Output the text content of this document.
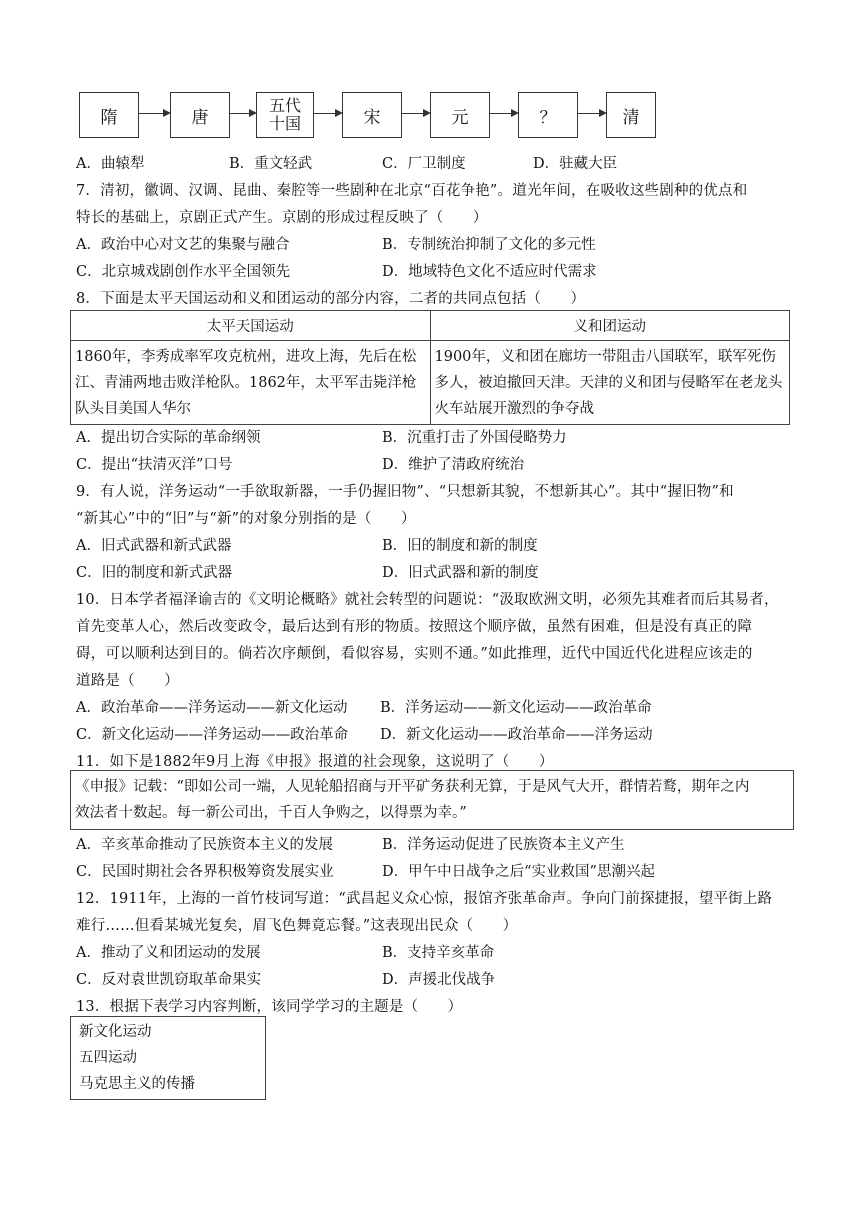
隋	唐
五代
十国	宋	元	？	清
A．曲辕犁	B．重文轻武	C．厂卫制度	D．驻藏大臣
7．清初，徽调、汉调、昆曲、秦腔等一些剧种在北京“百花争艳”。道光年间，在吸收这些剧种的优点和
特长的基础上，京剧正式产生。京剧的形成过程反映了（　　）
A．政治中心对文艺的集聚与融合	B．专制统治抑制了文化的多元性
C．北京城戏剧创作水平全国领先	D．地域特色文化不适应时代需求
8．下面是太平天国运动和义和团运动的部分内容，二者的共同点包括（　　）
太平天国运动	义和团运动
1860年，李秀成率军攻克杭州，进攻上海，先后在松江、青浦两地击败洋枪队。1862年，太平军击毙洋枪队头目美国人华尔	1900年，义和团在廊坊一带阻击八国联军，联军死伤多人，被迫撤回天津。天津的义和团与侵略军在老龙头火车站展开激烈的争夺战
A．提出切合实际的革命纲领	B．沉重打击了外国侵略势力
C．提出“扶清灭洋”口号	D．维护了清政府统治
9．有人说，洋务运动“一手欲取新器，一手仍握旧物”、“只想新其貌，不想新其心”。其中“握旧物”和
“新其心”中的“旧”与“新”的对象分别指的是（　　）
A．旧式武器和新式武器	B．旧的制度和新的制度
C．旧的制度和新式武器	D．旧式武器和新的制度
10．日本学者福泽谕吉的《文明论概略》就社会转型的问题说：“汲取欧洲文明，必须先其难者而后其易者，
首先变革人心，然后改变政令，最后达到有形的物质。按照这个顺序做，虽然有困难，但是没有真正的障
碍，可以顺利达到目的。倘若次序颠倒，看似容易，实则不通。”如此推理，近代中国近代化进程应该走的
道路是（　　）
A．政治革命——洋务运动——新文化运动 B．洋务运动——新文化运动——政治革命
C．新文化运动——洋务运动——政治革命 D．新文化运动——政治革命——洋务运动
11．如下是1882年9月上海《申报》报道的社会现象，这说明了（　　）
《申报》记载：“即如公司一端，人见轮船招商与开平矿务获利无算，于是风气大开，群情若鹜，期年之内
效法者十数起。每一新公司出，千百人争购之，以得票为幸。”
A．辛亥革命推动了民族资本主义的发展	B．洋务运动促进了民族资本主义产生
C．民国时期社会各界积极筹资发展实业	D．甲午中日战争之后“实业救国”思潮兴起
12．1911年，上海的一首竹枝词写道：“武昌起义众心惊，报馆齐张革命声。争向门前探捷报，望平街上路
难行……但看某城光复矣，眉飞色舞竟忘餐。”这表现出民众（　　）
A．推动了义和团运动的发展	B．支持辛亥革命
C．反对袁世凯窃取革命果实	D．声援北伐战争
13．根据下表学习内容判断，该同学学习的主题是（　　）
新文化运动
五四运动
马克思主义的传播
